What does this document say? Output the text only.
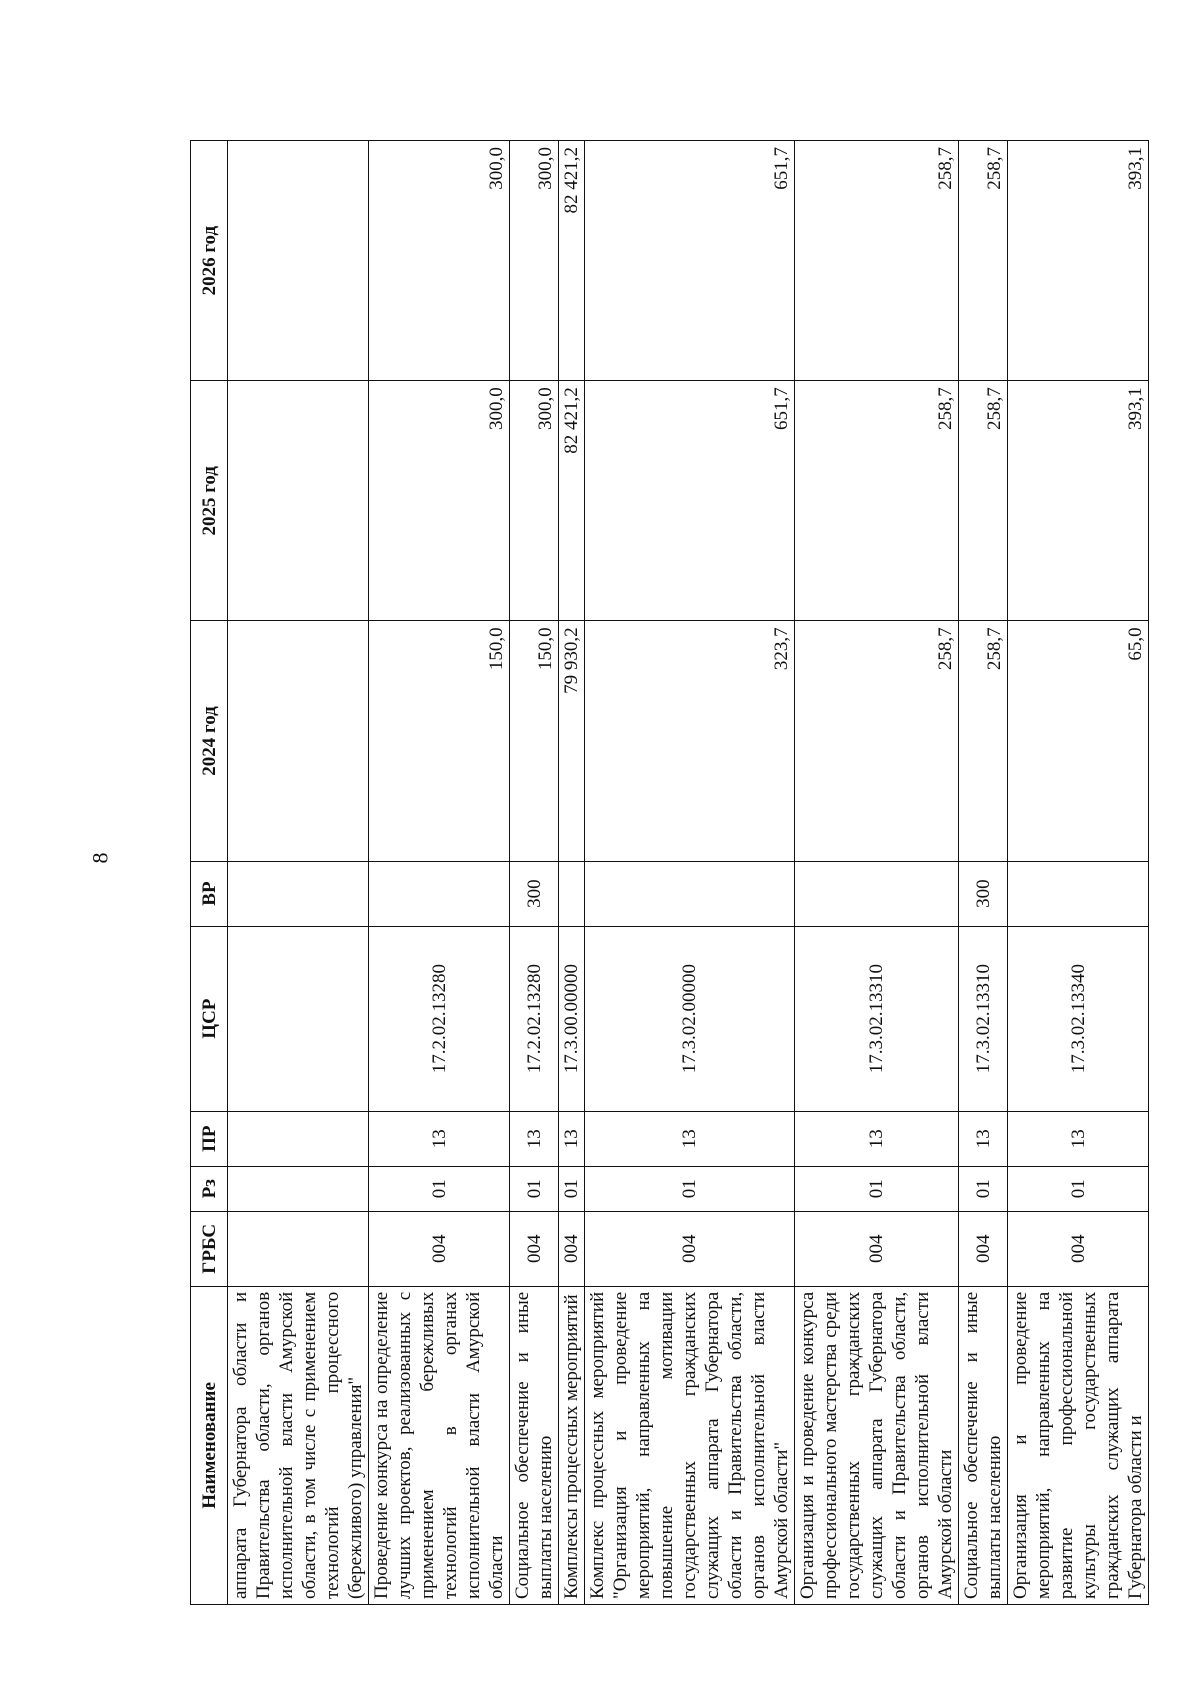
8
Наименование	ГРБС	Рз	ПР	ЦСР	ВР	2024 год	2025 год	2026 год
аппарата Губернатора области и Правительства области, органов исполнительной власти Амурской области, в том числе с применением технологий процессного (бережливого) управления"								
Проведение конкурса на определение лучших проектов, реализованных с применением бережливых технологий в органах исполнительной власти Амурской области	004	01	13	17.2.02.13280		150,0	300,0	300,0
Социальное обеспечение и иные выплаты населению	004	01	13	17.2.02.13280	300	150,0	300,0	300,0
Комплексы процессных мероприятий	004	01	13	17.3.00.00000		79 930,2	82 421,2	82 421,2
Комплекс процессных мероприятий "Организация и проведение мероприятий, направленных на повышение мотивации государственных гражданских служащих аппарата Губернатора области и Правительства области, органов исполнительной власти Амурской области"	004	01	13	17.3.02.00000		323,7	651,7	651,7
Организация и проведение конкурса профессионального мастерства среди государственных гражданских служащих аппарата Губернатора области и Правительства области, органов исполнительной власти Амурской области	004	01	13	17.3.02.13310		258,7	258,7	258,7
Социальное обеспечение и иные выплаты населению	004	01	13	17.3.02.13310	300	258,7	258,7	258,7
Организация и проведение мероприятий, направленных на развитие профессиональной культуры государственных гражданских служащих аппарата Губернатора области и	004	01	13	17.3.02.13340		65,0	393,1	393,1
